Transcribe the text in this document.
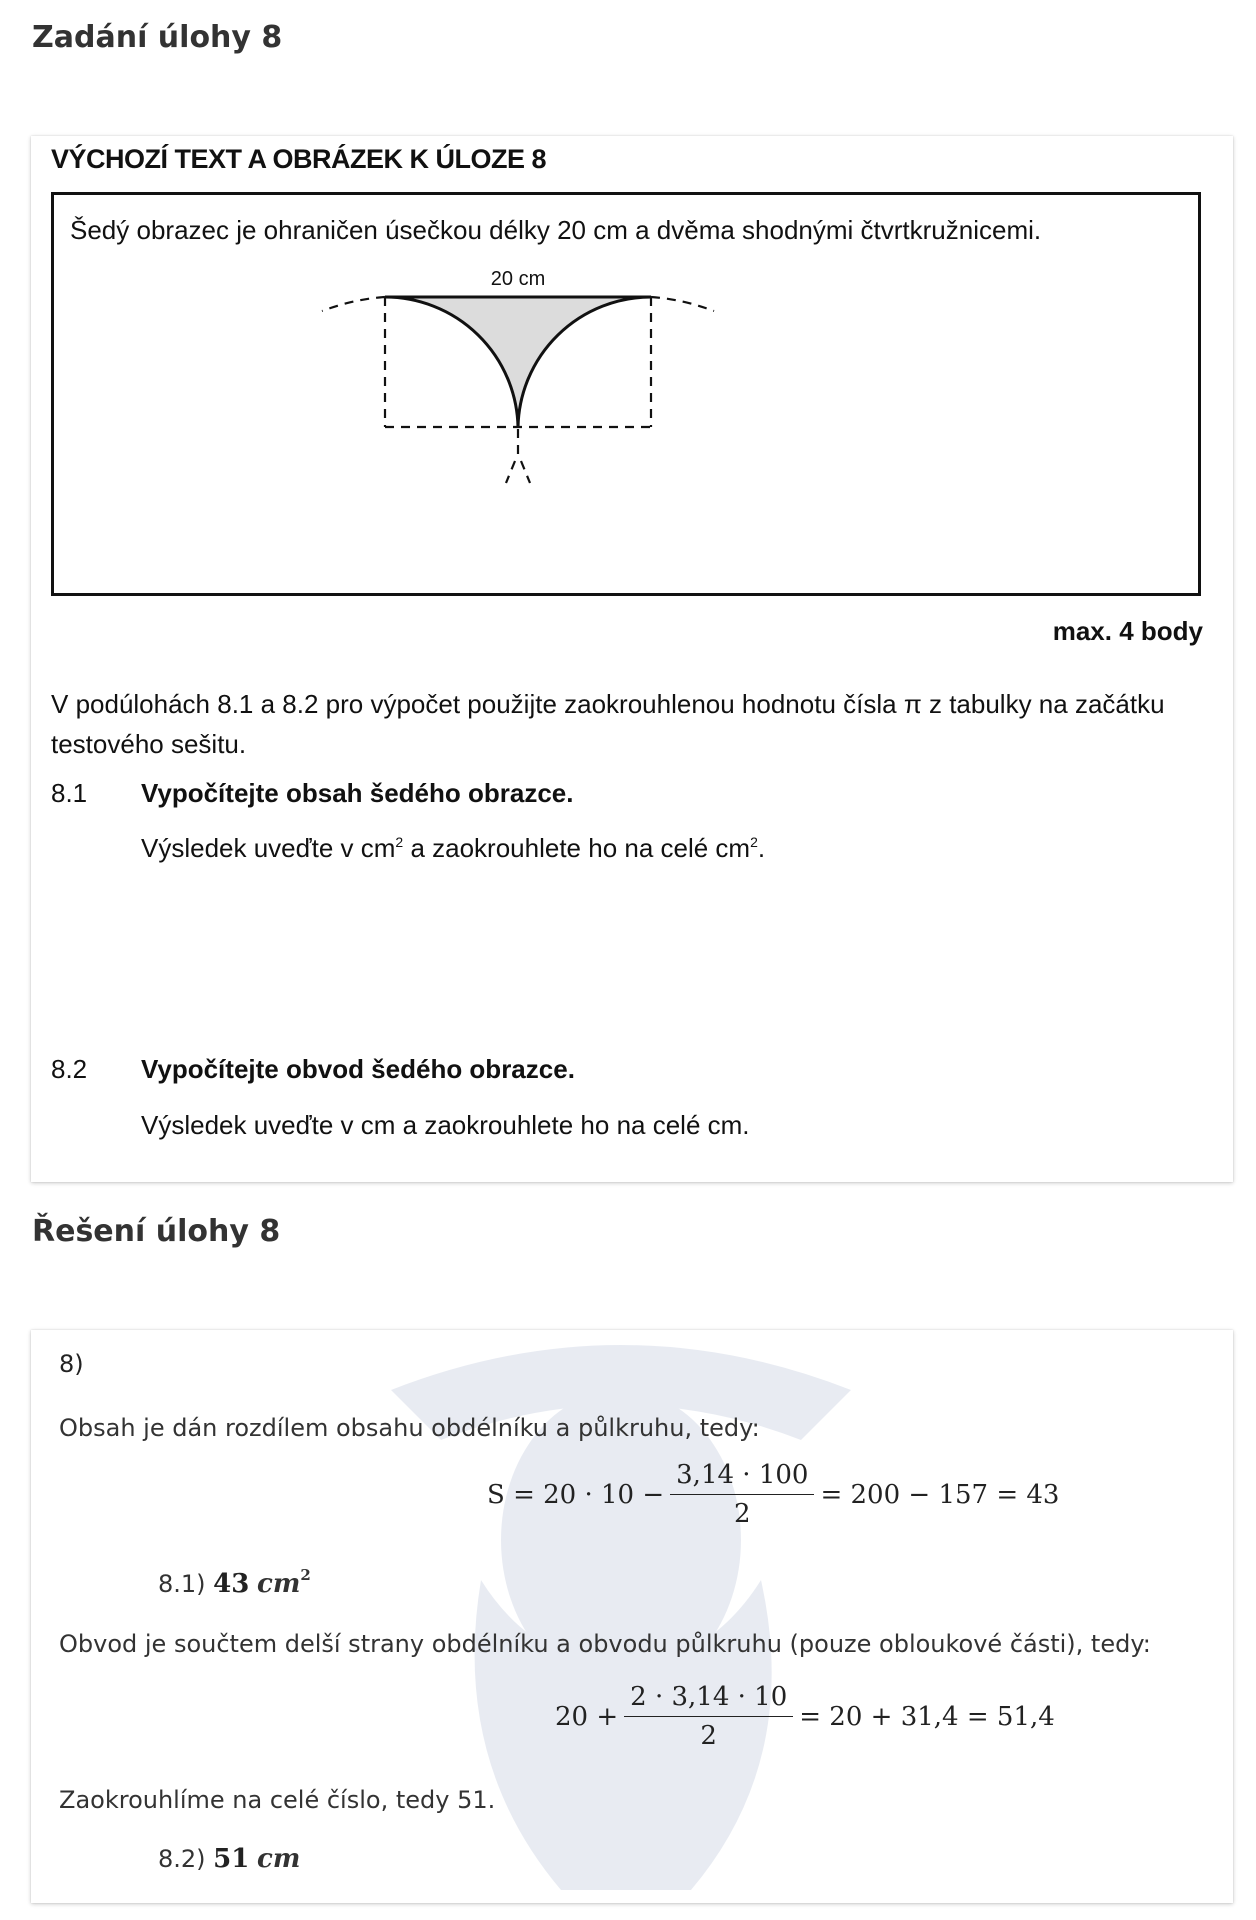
Zadání úlohy 8
VÝCHOZÍ TEXT A OBRÁZEK K ÚLOZE 8
Šedý obrazec je ohraničen úsečkou délky 20 cm a dvěma shodnými čtvrtkružnicemi.
20 cm
max. 4 body
V podúlohách 8.1 a 8.2 pro výpočet použijte zaokrouhlenou hodnotu čísla π z tabulky na začátku testového sešitu.
8.1 Vypočítejte obsah šedého obrazce.
Výsledek uveďte v $cm^2$ a zaokrouhlete ho na celé $cm^2$.
8.2 Vypočítejte obvod šedého obrazce.
Výsledek uveďte v cm a zaokrouhlete ho na celé cm.
Řešení úlohy 8
8)
Obsah je dán rozdílem obsahu obdélníku a půlkruhu, tedy:
$S = 20 \cdot 10 - \frac{3,14 \cdot 100}{2} = 200 - 157 = 43$
8.1) 43 $cm^2$
Obvod je součtem delší strany obdélníku a obvodu půlkruhu (pouze obloukové části), tedy:
$20 + \frac{2 \cdot 3,14 \cdot 10}{2} = 20 + 31,4 = 51,4$
Zaokrouhlíme na celé číslo, tedy 51.
8.2) 51 cm
